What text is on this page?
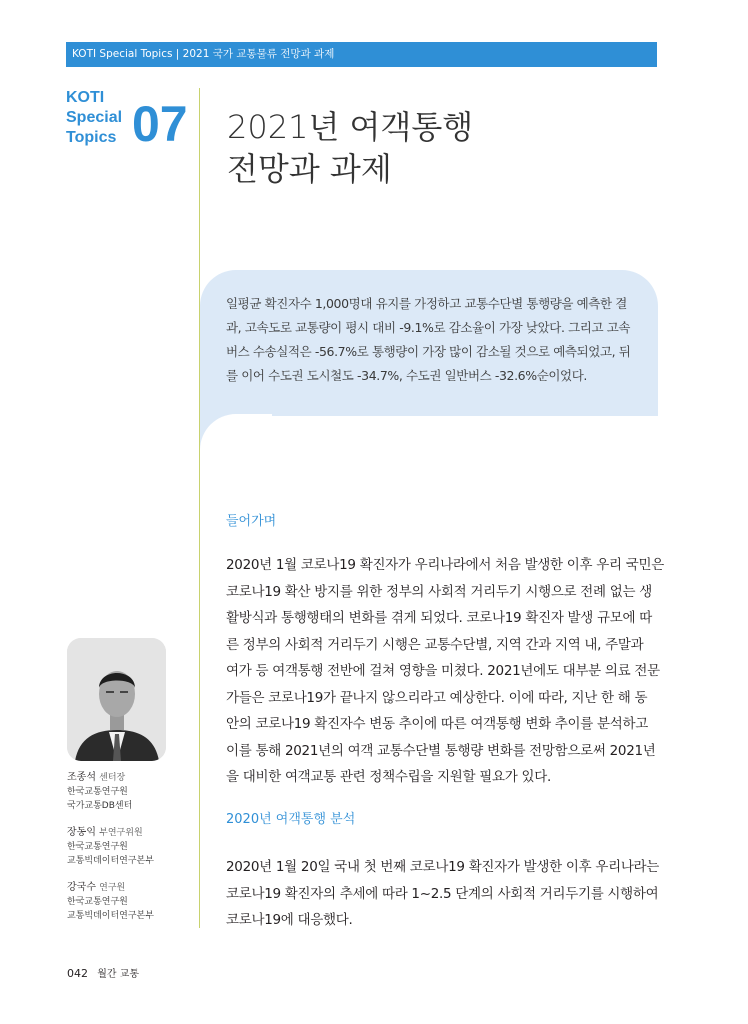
KOTI Special Topics | 2021 국가 교통물류 전망과 과제
KOTI
Special
Topics 07 2021년 여객통행
전망과 과제
일평균 확진자수 1,000명대 유지를 가정하고 교통수단별 통행량을 예측한 결
과, 고속도로 교통량이 평시 대비 -9.1%로 감소율이 가장 낮았다. 그리고 고속
버스 수송실적은 -56.7%로 통행량이 가장 많이 감소될 것으로 예측되었고, 뒤
를 이어 수도권 도시철도 -34.7%, 수도권 일반버스 -32.6%순이었다.
들어가며
2020년 1월 코로나19 확진자가 우리나라에서 처음 발생한 이후 우리 국민은
코로나19 확산 방지를 위한 정부의 사회적 거리두기 시행으로 전례 없는 생
활방식과 통행행태의 변화를 겪게 되었다. 코로나19 확진자 발생 규모에 따
른 정부의 사회적 거리두기 시행은 교통수단별, 지역 간과 지역 내, 주말과
여가 등 여객통행 전반에 걸쳐 영향을 미쳤다. 2021년에도 대부분 의료 전문
가들은 코로나19가 끝나지 않으리라고 예상한다. 이에 따라, 지난 한 해 동
안의 코로나19 확진자수 변동 추이에 따른 여객통행 변화 추이를 분석하고
이를 통해 2021년의 여객 교통수단별 통행량 변화를 전망함으로써 2021년
을 대비한 여객교통 관련 정책수립을 지원할 필요가 있다.
2020년 여객통행 분석
2020년 1월 20일 국내 첫 번째 코로나19 확진자가 발생한 이후 우리나라는
코로나19 확진자의 추세에 따라 1~2.5 단계의 사회적 거리두기를 시행하여
코로나19에 대응했다.
조종석 센터장
한국교통연구원
국가교통DB센터
장동익 부연구위원
한국교통연구원
교통빅데이터연구본부
강국수 연구원
한국교통연구원
교통빅데이터연구본부
042 월간 교통
